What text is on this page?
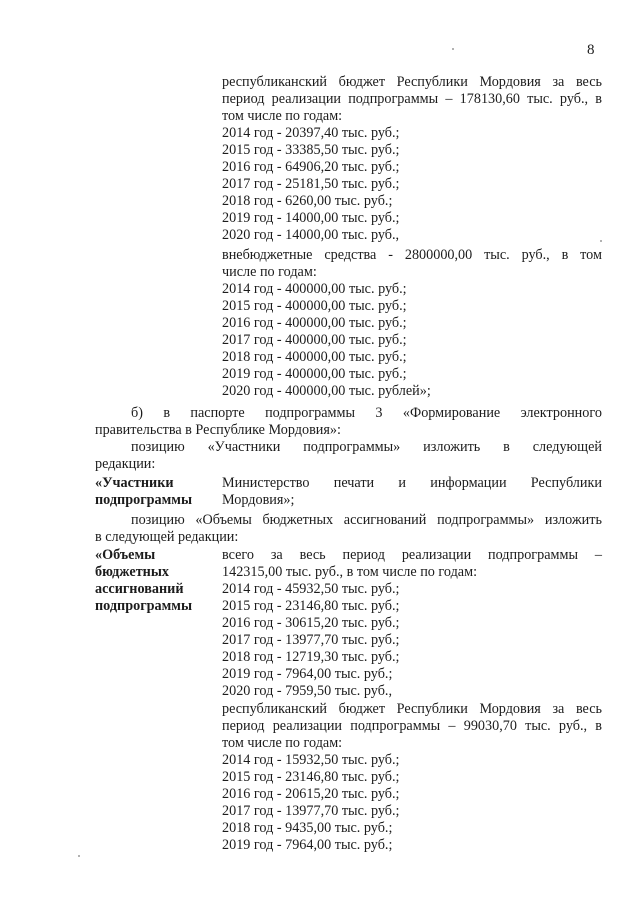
8
республиканский бюджет Республики Мордовия за весь
период реализации подпрограммы – 178130,60 тыс. руб., в
том числе по годам:
2014 год - 20397,40 тыс. руб.;
2015 год - 33385,50 тыс. руб.;
2016 год - 64906,20 тыс. руб.;
2017 год - 25181,50 тыс. руб.;
2018 год - 6260,00 тыс. руб.;
2019 год - 14000,00 тыс. руб.;
2020 год - 14000,00 тыс. руб.,
внебюджетные средства - 2800000,00 тыс. руб., в том
числе по годам:
2014 год - 400000,00 тыс. руб.;
2015 год - 400000,00 тыс. руб.;
2016 год - 400000,00 тыс. руб.;
2017 год - 400000,00 тыс. руб.;
2018 год - 400000,00 тыс. руб.;
2019 год - 400000,00 тыс. руб.;
2020 год - 400000,00 тыс. рублей»;
б) в паспорте подпрограммы 3 «Формирование электронного
правительства в Республике Мордовия»:
позицию «Участники подпрограммы» изложить в следующей
редакции:
«Участники
подпрограммы
Министерство печати и информации Республики
Мордовия»;
позицию «Объемы бюджетных ассигнований подпрограммы» изложить
в следующей редакции:
«Объемы
бюджетных
ассигнований
подпрограммы
всего за весь период реализации подпрограммы –
142315,00 тыс. руб., в том числе по годам:
2014 год - 45932,50 тыс. руб.;
2015 год - 23146,80 тыс. руб.;
2016 год - 30615,20 тыс. руб.;
2017 год - 13977,70 тыс. руб.;
2018 год - 12719,30 тыс. руб.;
2019 год - 7964,00 тыс. руб.;
2020 год - 7959,50 тыс. руб.,
республиканский бюджет Республики Мордовия за весь
период реализации подпрограммы – 99030,70 тыс. руб., в
том числе по годам:
2014 год - 15932,50 тыс. руб.;
2015 год - 23146,80 тыс. руб.;
2016 год - 20615,20 тыс. руб.;
2017 год - 13977,70 тыс. руб.;
2018 год - 9435,00 тыс. руб.;
2019 год - 7964,00 тыс. руб.;
